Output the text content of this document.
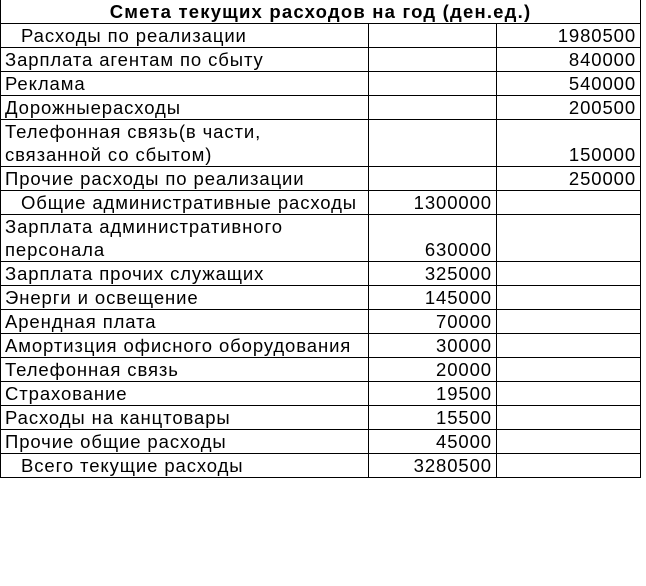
Смета текущих расходов на год (ден.ед.)		
Расходы по реализации		1980500
Зарплата агентам по сбыту		840000
Реклама		540000
Дорожныерасходы		200500
Телефонная связь(в части, связанной со сбытом)		150000
Прочие расходы по реализации		250000
Общие административные расходы	1300000	
Зарплата административного персонала	630000	
Зарплата прочих служащих	325000	
Энерги и освещение	145000	
Арендная плата	70000	
Амортизция офисного оборудования	30000	
Телефонная связь	20000	
Страхование	19500	
Расходы на канцтовары	15500	
Прочие общие расходы	45000	
Всего текущие расходы	3280500	
